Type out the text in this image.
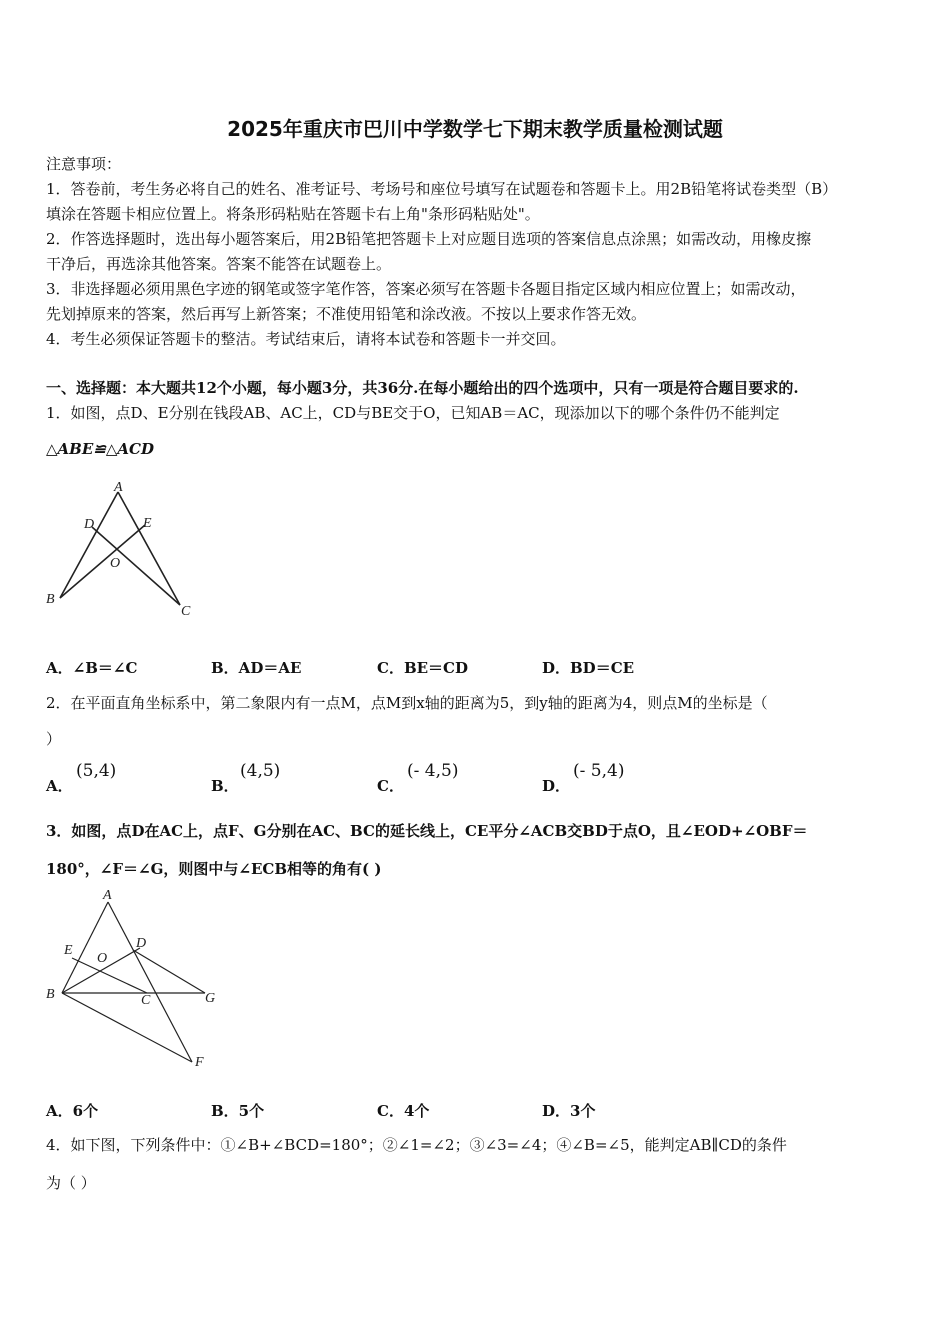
2025年重庆市巴川中学数学七下期末教学质量检测试题
注意事项：
1．答卷前，考生务必将自己的姓名、准考证号、考场号和座位号填写在试题卷和答题卡上。用2B铅笔将试卷类型（B）
填涂在答题卡相应位置上。将条形码粘贴在答题卡右上角"条形码粘贴处"。
2．作答选择题时，选出每小题答案后，用2B铅笔把答题卡上对应题目选项的答案信息点涂黑；如需改动，用橡皮擦
干净后，再选涂其他答案。答案不能答在试题卷上。
3．非选择题必须用黑色字迹的钢笔或签字笔作答，答案必须写在答题卡各题目指定区域内相应位置上；如需改动，
先划掉原来的答案，然后再写上新答案；不准使用铅笔和涂改液。不按以上要求作答无效。
4．考生必须保证答题卡的整洁。考试结束后，请将本试卷和答题卡一并交回。
一、选择题：本大题共12个小题，每小题3分，共36分.在每小题给出的四个选项中，只有一项是符合题目要求的.
1．如图，点D、E分别在钱段AB、AC上，CD与BE交于O，已知AB＝AC，现添加以下的哪个条件仍不能判定
△ABE≌△ACD
A
D	E
O
B
C
A
E	D
O
B	C	G
F
A．∠B＝∠C	B．AD＝AE	C．BE＝CD	D．BD＝CE
2．在平面直角坐标系中，第二象限内有一点M，点M到x轴的距离为5，到y轴的距离为4，则点M的坐标是（
）
A．
(5,4)
B．
(4,5)
C．
(- 4,5)
D．
(- 5,4)
3．如图，点D在AC上，点F、G分别在AC、BC的延长线上，CE平分∠ACB交BD于点O，且∠EOD+∠OBF＝
180°，∠F＝∠G，则图中与∠ECB相等的角有( )
A．6个	B．5个	C．4个	D．3个
4．如下图，下列条件中：①∠B+∠BCD=180°；②∠1=∠2；③∠3=∠4；④∠B=∠5，能判定AB∥CD的条件
为（ ）
